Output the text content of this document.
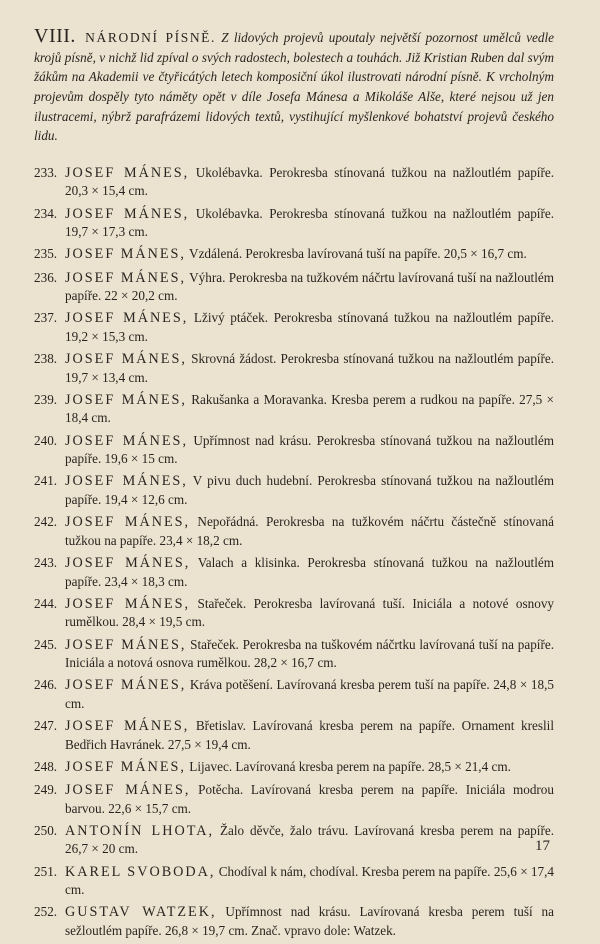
VIII. NÁRODNÍ PÍSNĚ. Z lidových projevů upoutaly největší pozornost umělců vedle krojů písně, v nichž lid zpíval o svých radostech, bolestech a touhách. Již Kristian Ruben dal svým žákům na Akademii ve čtyřicátých letech komposiční úkol ilustrovati národní písně. K vrcholným projevům dospěly tyto náměty opět v díle Josefa Mánesa a Mikoláše Alše, které nejsou už jen ilustracemi, nýbrž parafrázemi lidových textů, vystihující myšlenkové bohatství projevů českého lidu.

233. JOSEF MÁNES, Ukolébavka. Perokresba stínovaná tužkou na nažloutlém papíře. 20,3 × 15,4 cm.
234. JOSEF MÁNES, Ukolébavka. Perokresba stínovaná tužkou na nažloutlém papíře. 19,7 × 17,3 cm.
235. JOSEF MÁNES, Vzdálená. Perokresba lavírovaná tuší na papíře. 20,5 × 16,7 cm.
236. JOSEF MÁNES, Výhra. Perokresba na tužkovém náčrtu lavírovaná tuší na nažloutlém papíře. 22 × 20,2 cm.
237. JOSEF MÁNES, Lživý ptáček. Perokresba stínovaná tužkou na nažloutlém papíře. 19,2 × 15,3 cm.
238. JOSEF MÁNES, Skrovná žádost. Perokresba stínovaná tužkou na nažloutlém papíře. 19,7 × 13,4 cm.
239. JOSEF MÁNES, Rakušanka a Moravanka. Kresba perem a rudkou na papíře. 27,5 × 18,4 cm.
240. JOSEF MÁNES, Upřímnost nad krásu. Perokresba stínovaná tužkou na nažloutlém papíře. 19,6 × 15 cm.
241. JOSEF MÁNES, V pivu duch hudební. Perokresba stínovaná tužkou na nažloutlém papíře. 19,4 × 12,6 cm.
242. JOSEF MÁNES, Nepořádná. Perokresba na tužkovém náčrtu částečně stínovaná tužkou na papíře. 23,4 × 18,2 cm.
243. JOSEF MÁNES, Valach a klisinka. Perokresba stínovaná tužkou na nažloutlém papíře. 23,4 × 18,3 cm.
244. JOSEF MÁNES, Stařeček. Perokresba lavírovaná tuší. Iniciála a notové osnovy rumělkou. 28,4 × 19,5 cm.
245. JOSEF MÁNES, Stařeček. Perokresba na tuškovém náčrtku lavírovaná tuší na papíře. Iniciála a notová osnova rumělkou. 28,2 × 16,7 cm.
246. JOSEF MÁNES, Kráva potěšení. Lavírovaná kresba perem tuší na papíře. 24,8 × 18,5 cm.
247. JOSEF MÁNES, Břetislav. Lavírovaná kresba perem na papíře. Ornament kreslil Bedřich Havránek. 27,5 × 19,4 cm.
248. JOSEF MÁNES, Lijavec. Lavírovaná kresba perem na papíře. 28,5 × 21,4 cm.
249. JOSEF MÁNES, Potěcha. Lavírovaná kresba perem na papíře. Iniciála modrou barvou. 22,6 × 15,7 cm.
250. ANTONÍN LHOTA, Žalo děvče, žalo trávu. Lavírovaná kresba perem na papíře. 26,7 × 20 cm.
251. KAREL SVOBODA, Chodíval k nám, chodíval. Kresba perem na papíře. 25,6 × 17,4 cm.
252. GUSTAV WATZEK, Upřímnost nad krásu. Lavírovaná kresba perem tuší na sežloutlém papíře. 26,8 × 19,7 cm. Znač. vpravo dole: Watzek.
17
